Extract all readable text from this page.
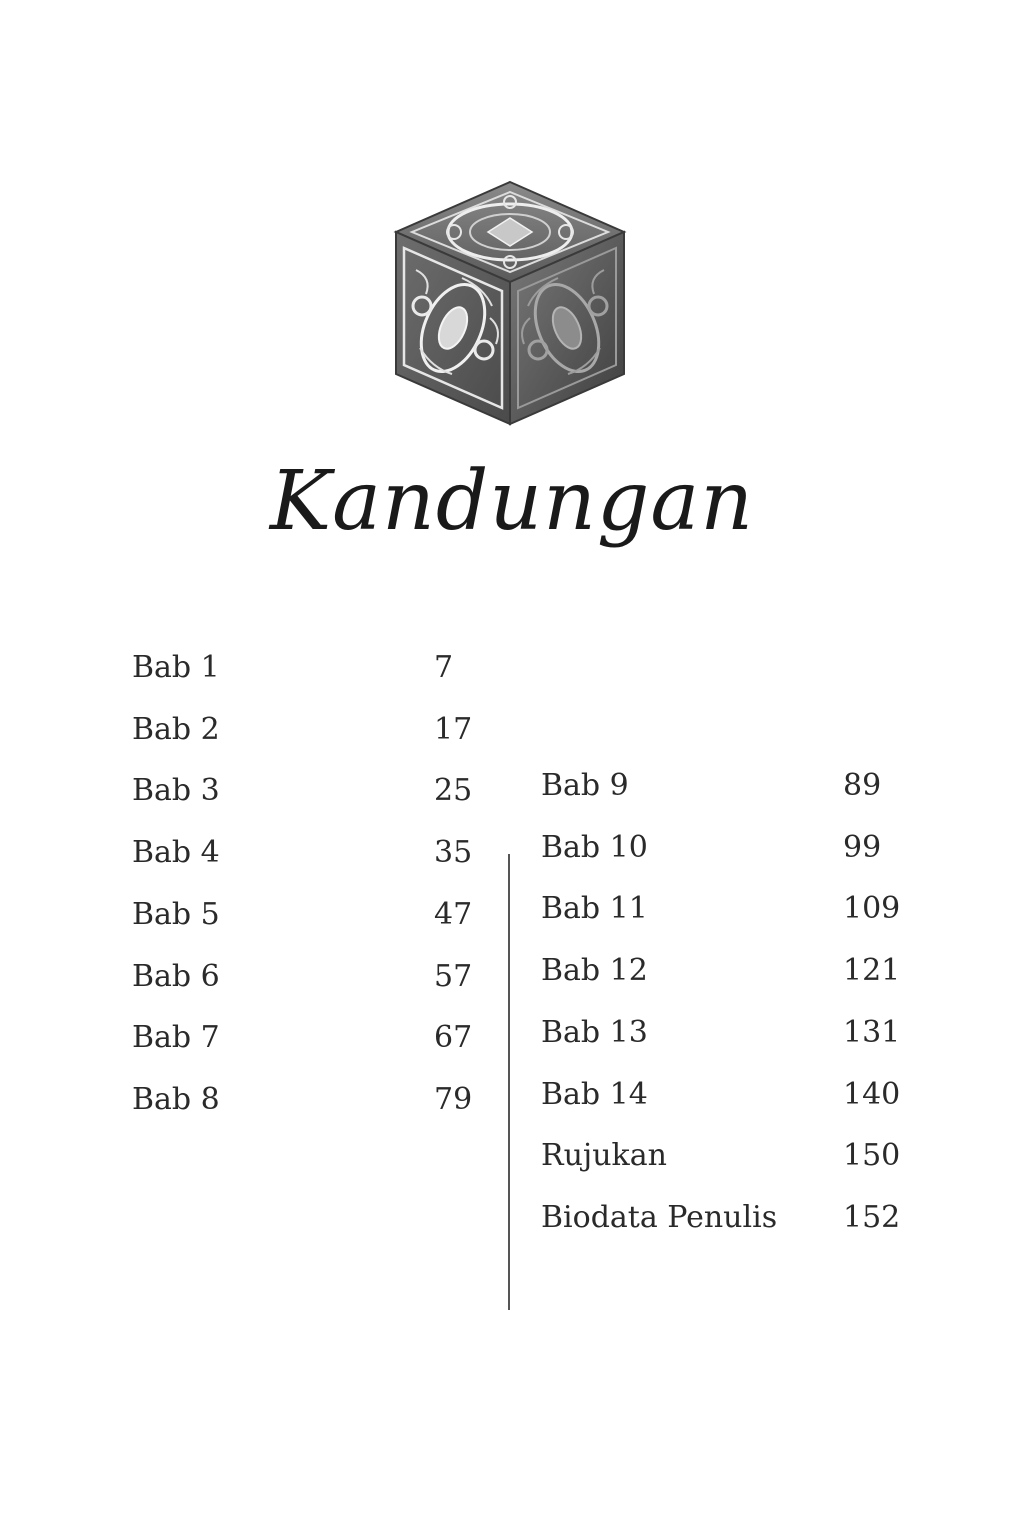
Kandungan
Bab 1	7
Bab 2	17
Bab 3	25
Bab 4	35
Bab 5	47
Bab 6	57
Bab 7	67
Bab 8	79
Bab 9	89
Bab 10	99
Bab 11	109
Bab 12	121
Bab 13	131
Bab 14	140
Rujukan	150
Biodata Penulis 152
